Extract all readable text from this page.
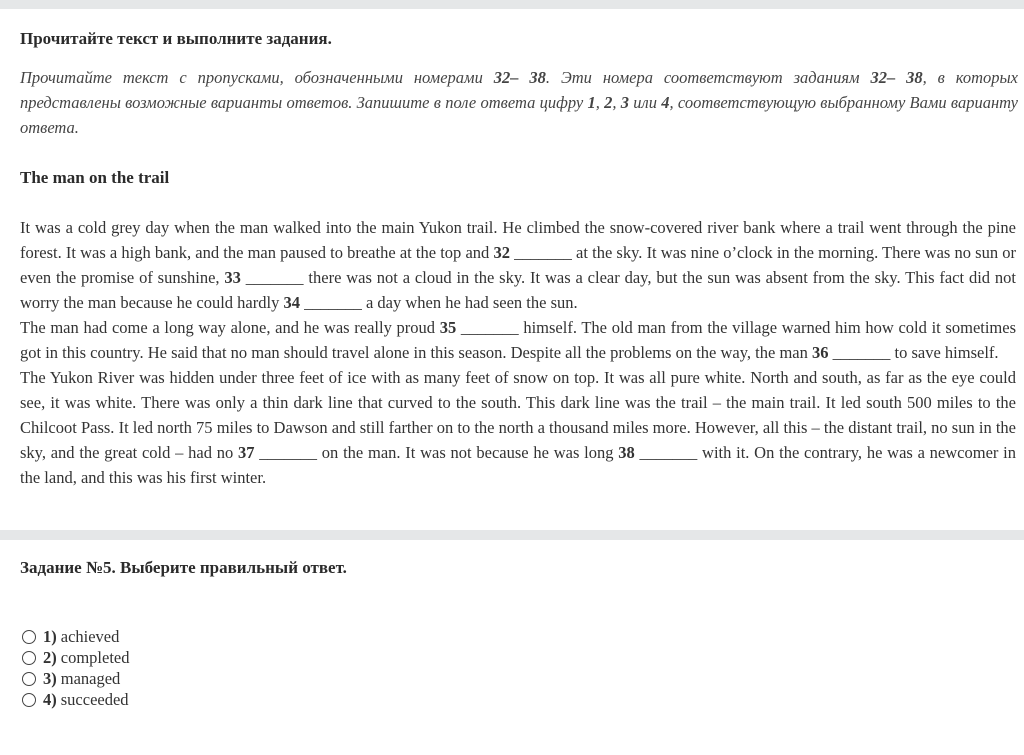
Прочитайте текст и выполните задания.
Прочитайте текст с пропусками, обозначенными номерами 32– 38. Эти номера соответствуют заданиям 32– 38, в которых представлены возможные варианты ответов. Запишите в поле ответа цифру 1, 2, 3 или 4, соответствующую выбранному Вами варианту ответа.
The man on the trail

It was a cold grey day when the man walked into the main Yukon trail. He climbed the snow-covered river bank where a trail went through the pine forest. It was a high bank, and the man paused to breathe at the top and 32 _______ at the sky. It was nine o’clock in the morning. There was no sun or even the promise of sunshine, 33 _______ there was not a cloud in the sky. It was a clear day, but the sun was absent from the sky. This fact did not worry the man because he could hardly 34 _______ a day when he had seen the sun.

The man had come a long way alone, and he was really proud 35 _______ himself. The old man from the village warned him how cold it sometimes got in this country. He said that no man should travel alone in this season. Despite all the problems on the way, the man 36 _______ to save himself.

The Yukon River was hidden under three feet of ice with as many feet of snow on top. It was all pure white. North and south, as far as the eye could see, it was white. There was only a thin dark line that curved to the south. This dark line was the trail – the main trail. It led south 500 miles to the Chilcoot Pass. It led north 75 miles to Dawson and still farther on to the north a thousand miles more. However, all this – the distant trail, no sun in the sky, and the great cold – had no 37 _______ on the man. It was not because he was long 38 _______ with it. On the contrary, he was a newcomer in the land, and this was his first winter.

Задание №5. Выберите правильный ответ.
1) achieved
2) completed
3) managed
4) succeeded
